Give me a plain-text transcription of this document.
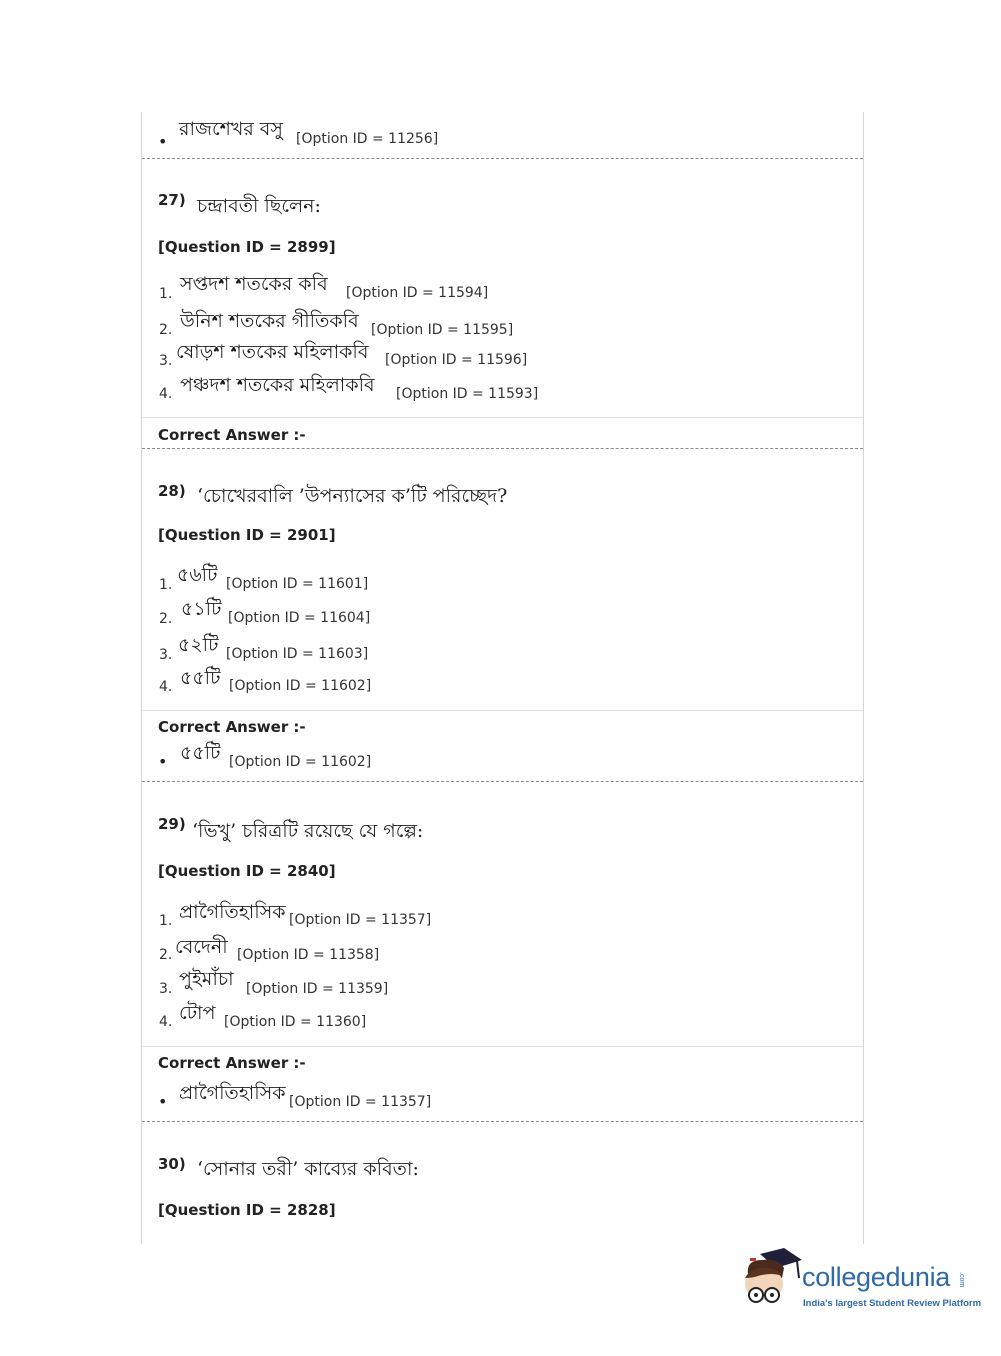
•
রাজশেখর বসু [Option ID = 11256]
27) চন্দ্রাবতী ছিলেন:
[Question ID = 2899]
1. সপ্তদশ শতকের কবি [Option ID = 11594]
2. উনিশ শতকের গীতিকবি [Option ID = 11595]
3. ষোড়শ শতকের মহিলাকবি [Option ID = 11596]
4. পঞ্চদশ শতকের মহিলাকবি [Option ID = 11593]
Correct Answer :-
28) ‘চোখেরবালি ’উপন্যাসের ক’টি পরিচ্ছেদ?
[Question ID = 2901]
1. ৫৬টি [Option ID = 11601]
2. ৫১টি [Option ID = 11604]
3. ৫২টি [Option ID = 11603]
4. ৫৫টি [Option ID = 11602]
Correct Answer :-
• ৫৫টি [Option ID = 11602]
29) ‘ভিখু’ চরিত্রটি রয়েছে যে গল্পে:
[Question ID = 2840]
1. প্রাগৈতিহাসিক [Option ID = 11357]
2. বেদেনী [Option ID = 11358]
3. পুইমাঁচা [Option ID = 11359]
4. টোপ [Option ID = 11360]
Correct Answer :-
• প্রাগৈতিহাসিক [Option ID = 11357]
30) ‘সোনার তরী’ কাব্যের কবিতা:
[Question ID = 2828]
collegedunia .com
India's largest Student Review Platform
